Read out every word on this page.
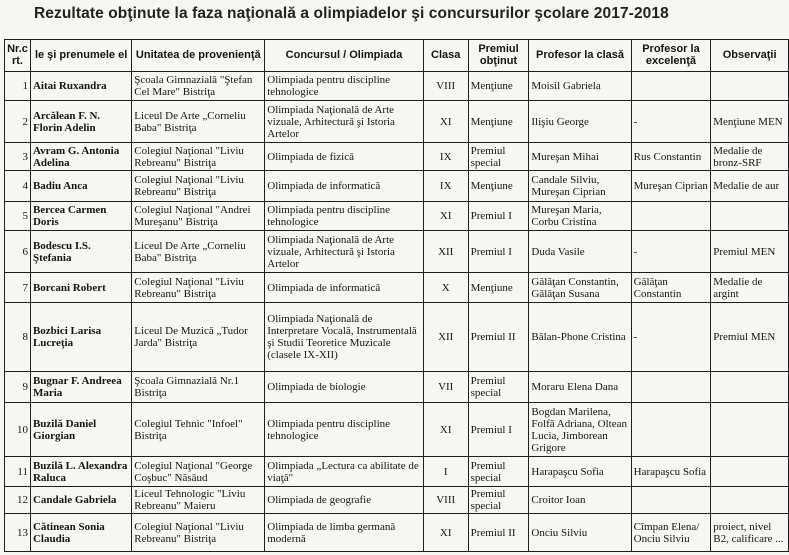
Rezultate obţinute la faza naţională a olimpiadelor şi concursurilor şcolare 2017-2018
Nr.c rt.	le şi prenumele el	Unitatea de provenienţă	Concursul / Olimpiada	Clasa	Premiul obţinut	Profesor la clasă	Profesor la excelenţă	Observaţii
1	Aitai Ruxandra	Şcoala Gimnazială "Ştefan Cel Mare" Bistriţa	Olimpiada pentru discipline tehnologice	VIII	Menţiune	Moisil Gabriela		
2	Arcălean F. N. Florin Adelin	Liceul De Arte „Corneliu Baba" Bistriţa	Olimpiada Naţională de Arte vizuale, Arhitectură şi Istoria Artelor	XI	Menţiune	Ilişiu George	-	Menţiune MEN
3	Avram G. Antonia Adelina	Colegiul Naţional "Liviu Rebreanu" Bistriţa	Olimpiada de fizică	IX	Premiul special	Mureşan Mihai	Rus Constantin	Medalie de bronz-SRF
4	Badiu Anca	Colegiul Naţional "Liviu Rebreanu" Bistriţa	Olimpiada de informatică	IX	Menţiune	Candale Silviu, Mureşan Ciprian	Mureşan Ciprian	Medalie de aur
5	Bercea Carmen Doris	Colegiul Naţional "Andrei Mureşanu" Bistriţa	Olimpiada pentru discipline tehnologice	XI	Premiul I	Mureşan Maria, Corbu Cristina		
6	Bodescu I.S. Ştefania	Liceul De Arte „Corneliu Baba" Bistriţa	Olimpiada Naţională de Arte vizuale, Arhitectură şi Istoria Artelor	XII	Premiul I	Duda Vasile	-	Premiul MEN
7	Borcani Robert	Colegiul Naţional "Liviu Rebreanu" Bistriţa	Olimpiada de informatică	X	Menţiune	Gălăţan Constantin, Gălăţan Susana	Gălăţan Constantin	Medalie de argint
8	Bozbici Larisa Lucreţia	Liceul De Muzică „Tudor Jarda" Bistriţa	Olimpiada Naţională de Interpretare Vocală, Instrumentală şi Studii Teoretice Muzicale (clasele IX-XII)	XII	Premiul II	Bălan-Phone Cristina	-	Premiul MEN
9	Bugnar F. Andreea Maria	Şcoala Gimnazială Nr.1 Bistriţa	Olimpiada de biologie	VII	Premiul special	Moraru Elena Dana		
10	Buzilă Daniel Giorgian	Colegiul Tehnic "Infoel" Bistriţa	Olimpiada pentru discipline tehnologice	XI	Premiul I	Bogdan Marilena, Folfă Adriana, Oltean Lucia, Jimborean Grigore		
11	Buzilă L. Alexandra Raluca	Colegiul Naţional "George Coşbuc" Năsăud	Olimpiada „Lectura ca abilitate de viaţă"	I	Premiul special	Harapaşcu Sofia	Harapaşcu Sofia	
12	Candale Gabriela	Liceul Tehnologic "Liviu Rebreanu" Maieru	Olimpiada de geografie	VIII	Premiul special	Croitor Ioan		
13	Cătinean Sonia Claudia	Colegiul Naţional "Liviu Rebreanu" Bistriţa	Olimpiada de limba germană modernă	XI	Premiul II	Onciu Silviu	Cîmpan Elena/ Onciu Silviu	proiect, nivel B2, calificare ...
